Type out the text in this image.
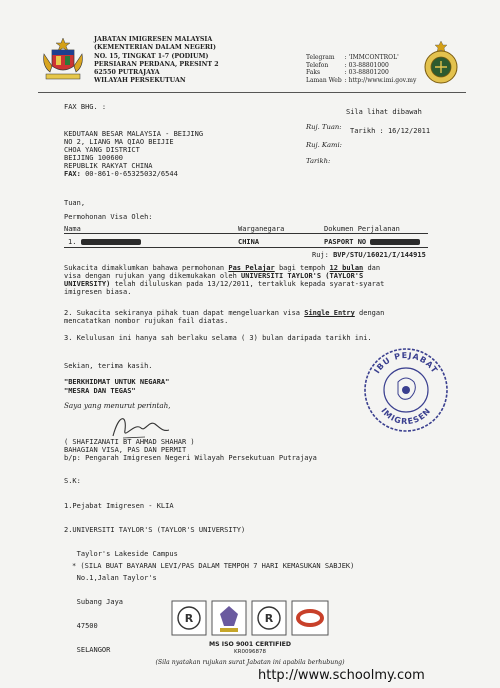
JABATAN IMIGRESEN MALAYSIA
(KEMENTERIAN DALAM NEGERI)
NO. 15, TINGKAT 1-7 (PODIUM)
PERSIARAN PERDANA, PRESINT 2
62550 PUTRAJAYA
WILAYAH PERSEKUTUAN
Telegram	: 'IMMCONTROL'
Telefon	: 03-88801000
Faks	: 03-88801200
Laman Web	: http://www.imi.gov.my
FAX BHG. :
Sila lihat dibawah
Ruj. Tuan: Tarikh : 16/12/2011
Ruj. Kami:
Tarikh:
KEDUTAAN BESAR MALAYSIA - BEIJING
NO 2, LIANG MA QIAO BEIJIE
CHOA YANG DISTRICT
BEIJING 100600
REPUBLIK RAKYAT CHINA
FAX: 00-861-0-65325032/6544
Tuan,
Permohonan Visa Oleh:
Nama	Warganegara	Dokumen Perjalanan
1.	CHINA	PASPORT NO
Ruj: BVP/STU/16021/I/144915
Sukacita dimaklumkan bahawa permohonan Pas Pelajar bagi tempoh 12 bulan dan
visa dengan rujukan yang dikemukakan oleh UNIVERSITI TAYLOR'S (TAYLOR'S
UNIVERSITY) telah diluluskan pada 13/12/2011, tertakluk kepada syarat-syarat
imigresen biasa.
2. Sukacita sekiranya pihak tuan dapat mengeluarkan visa Single Entry dengan
mencatatkan nombor rujukan fail diatas.
3. Kelulusan ini hanya sah berlaku selama ( 3) bulan daripada tarikh ini.
Sekian, terima kasih.
"BERKHIDMAT UNTUK NEGARA"
"MESRA DAN TEGAS"
Saya yang menurut perintah,
( SHAFIZANATI BT AHMAD SHAHAR )
BAHAGIAN VISA, PAS DAN PERMIT
b/p: Pengarah Imigresen Negeri Wilayah Persekutuan Putrajaya
IBU PEJABAT
IMIGRESEN
S.K:

1.Pejabat Imigresen - KLIA

2.UNIVERSITI TAYLOR'S (TAYLOR'S UNIVERSITY)

Taylor's Lakeside Campus

No.1,Jalan Taylor's

Subang Jaya

47500

SELANGOR

* (SILA BUAT BAYARAN LEVI/PAS DALAM TEMPOH 7 HARI KEMASUKAN SABJEK)
R	R
MS ISO 9001 CERTIFIED
KR0096878
(Sila nyatakan rujukan surat Jabatan ini apabila berhubung)
http://www.schoolmy.com
